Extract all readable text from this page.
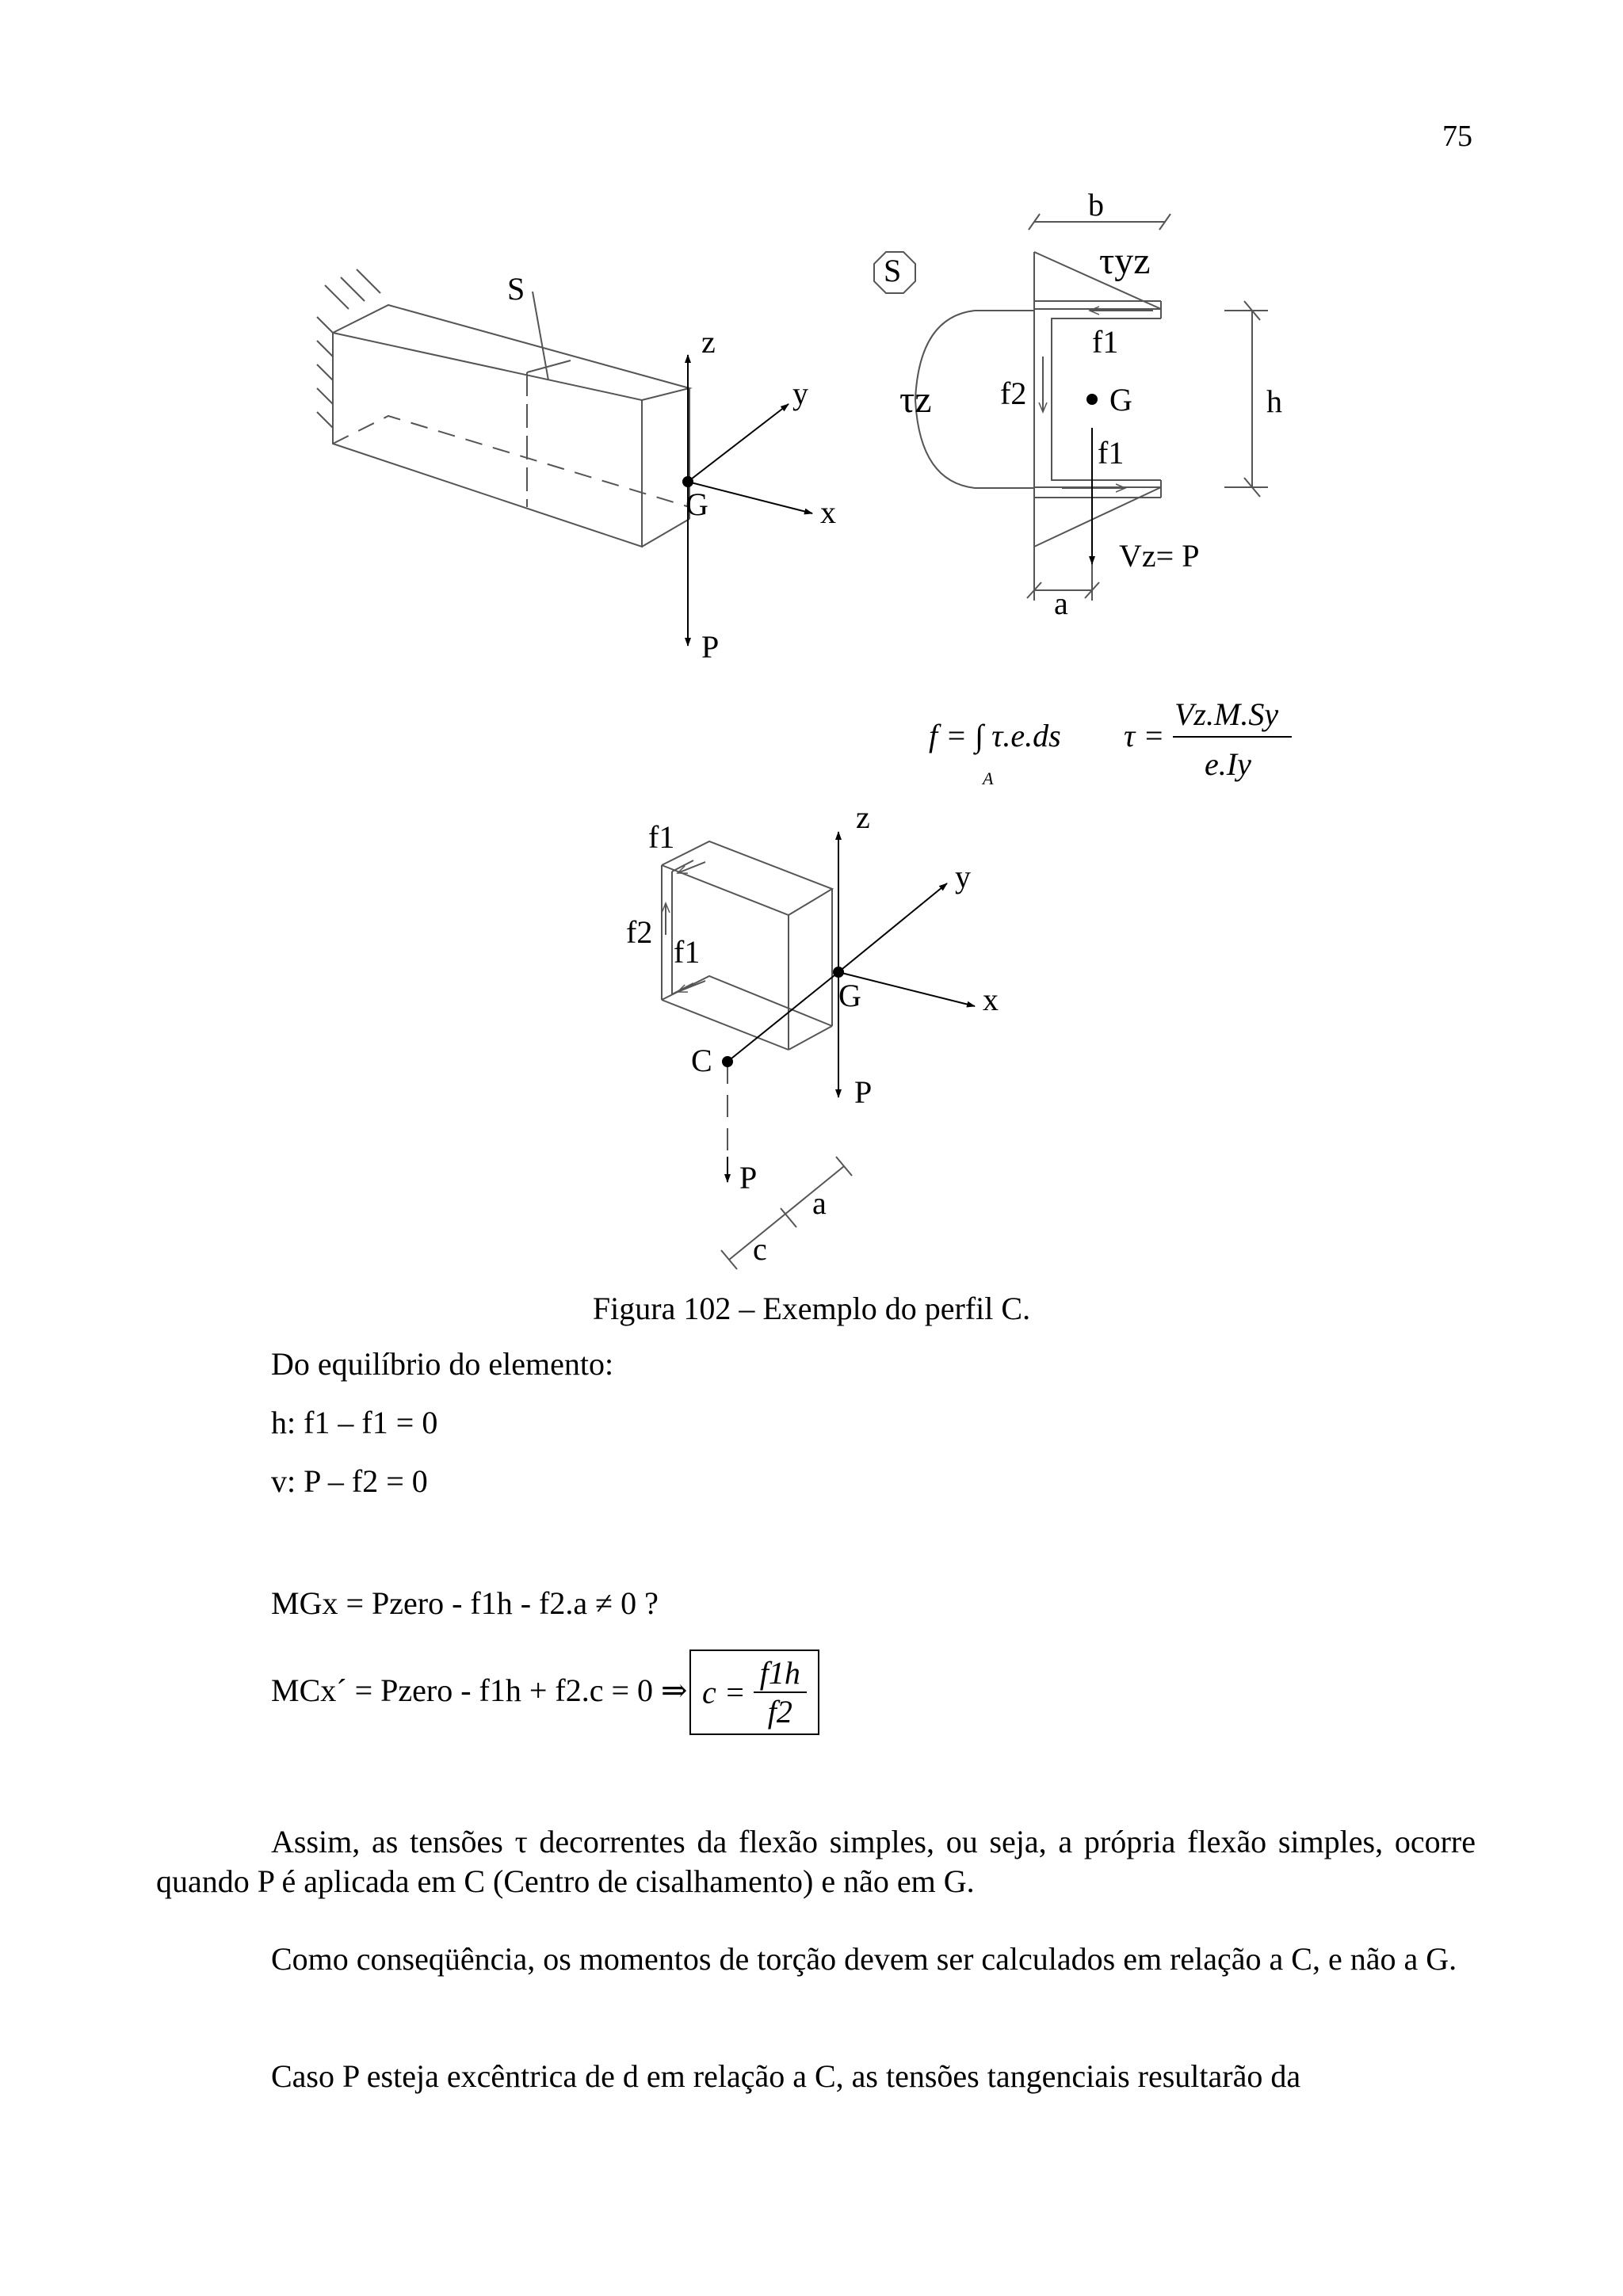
75
S
z
y
x
G
P
S
b
τyz
τz
f1
f2	G	h
f1
Vz= P
a
f = ∫ τ.e.ds
A
τ =
Vz.M.Sy
e.Iy
f1
f2
f1
z
y
x
G
C
P
P
a
c
Figura 102 – Exemplo do perfil C.
Do equilíbrio do elemento:
h: f1 – f1 = 0
v: P – f2 = 0
MGx = Pzero - f1h - f2.a ≠ 0 ?
MCx´ = Pzero - f1h + f2.c = 0 ⇒ $c = \frac{f1h}{f2}$
Assim, as tensões τ decorrentes da flexão simples, ou seja, a própria flexão simples, ocorre quando P é aplicada em C (Centro de cisalhamento) e não em G.
Como conseqüência, os momentos de torção devem ser calculados em relação a C, e não a G.
Caso P esteja excêntrica de d em relação a C, as tensões tangenciais resultarão da
